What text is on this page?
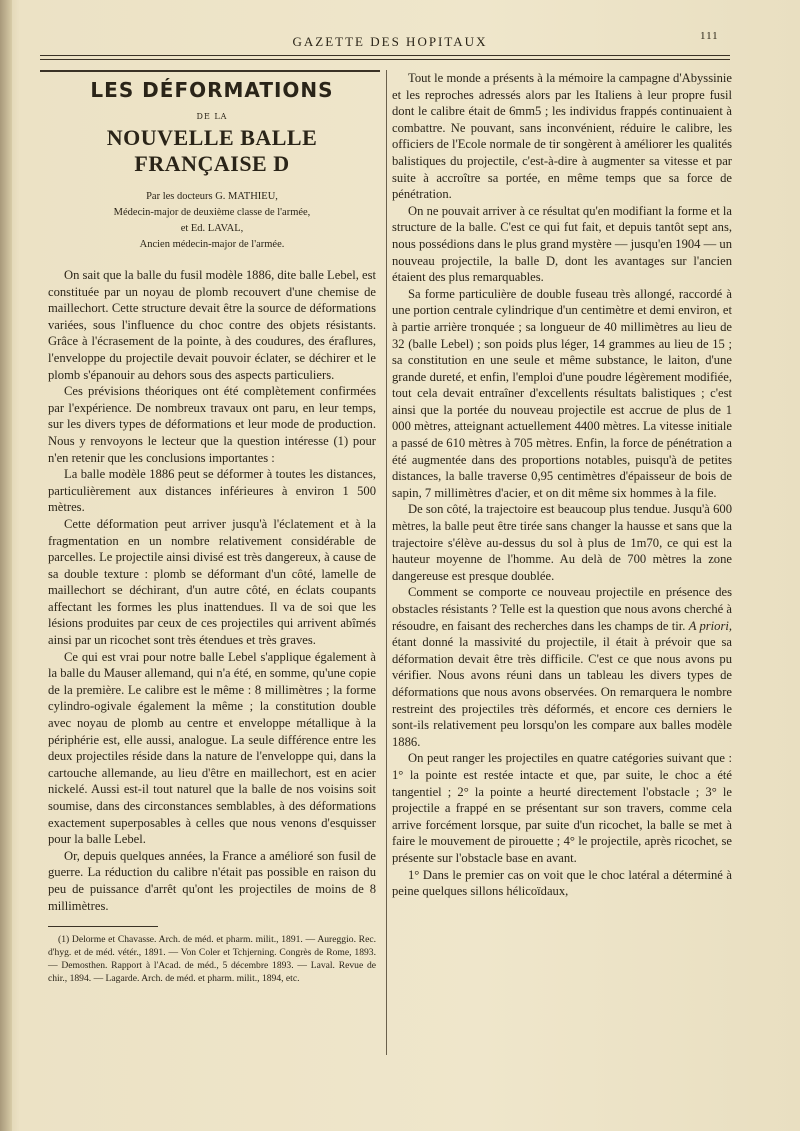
GAZETTE DES HOPITAUX	111
LES DÉFORMATIONS
DE LA
NOUVELLE BALLE FRANÇAISE D
Par les docteurs G. MATHIEU,
Médecin-major de deuxième classe de l'armée,
et Ed. LAVAL,
Ancien médecin-major de l'armée.

On sait que la balle du fusil modèle 1886, dite balle Lebel, est constituée par un noyau de plomb recouvert d'une chemise de maillechort. Cette structure devait être la source de déformations variées, sous l'influence du choc contre des objets résistants. Grâce à l'écrasement de la pointe, à des coudures, des éraflures, l'enveloppe du projectile devait pouvoir éclater, se déchirer et le plomb s'épanouir au dehors sous des aspects particuliers.

Ces prévisions théoriques ont été complètement confirmées par l'expérience. De nombreux travaux ont paru, en leur temps, sur les divers types de déformations et leur mode de production. Nous y renvoyons le lecteur que la question intéresse (1) pour n'en retenir que les conclusions importantes :

La balle modèle 1886 peut se déformer à toutes les distances, particulièrement aux distances inférieures à environ 1 500 mètres.

Cette déformation peut arriver jusqu'à l'éclatement et à la fragmentation en un nombre relativement considérable de parcelles. Le projectile ainsi divisé est très dangereux, à cause de sa double texture : plomb se déformant d'un côté, lamelle de maillechort se déchirant, d'un autre côté, en éclats coupants affectant les formes les plus inattendues. Il va de soi que les lésions produites par ceux de ces projectiles qui arrivent abîmés ainsi par un ricochet sont très étendues et très graves.

Ce qui est vrai pour notre balle Lebel s'applique également à la balle du Mauser allemand, qui n'a été, en somme, qu'une copie de la première. Le calibre est le même : 8 millimètres ; la forme cylindro-ogivale également la même ; la constitution double avec noyau de plomb au centre et enveloppe métallique à la périphérie est, elle aussi, analogue. La seule différence entre les deux projectiles réside dans la nature de l'enveloppe qui, dans la cartouche allemande, au lieu d'être en maillechort, est en acier nickelé. Aussi est-il tout naturel que la balle de nos voisins soit soumise, dans des circonstances semblables, à des déformations exactement superposables à celles que nous venons d'esquisser pour la balle Lebel.

Or, depuis quelques années, la France a amélioré son fusil de guerre. La réduction du calibre n'était pas possible en raison du peu de puissance d'arrêt qu'ont les projectiles de moins de 8 millimètres.

(1) Delorme et Chavasse. Arch. de méd. et pharm. milit., 1891. — Aureggio. Rec. d'hyg. et de méd. vétér., 1891. — Von Coler et Tchjerning. Congrès de Rome, 1893. — Demosthen. Rapport à l'Acad. de méd., 5 décembre 1893. — Laval. Revue de chir., 1894. — Lagarde. Arch. de méd. et pharm. milit., 1894, etc.

Tout le monde a présents à la mémoire la campagne d'Abyssinie et les reproches adressés alors par les Italiens à leur propre fusil dont le calibre était de 6mm5 ; les individus frappés continuaient à combattre. Ne pouvant, sans inconvénient, réduire le calibre, les officiers de l'Ecole normale de tir songèrent à améliorer les qualités balistiques du projectile, c'est-à-dire à augmenter sa vitesse et par suite à accroître sa portée, en même temps que sa force de pénétration.

On ne pouvait arriver à ce résultat qu'en modifiant la forme et la structure de la balle. C'est ce qui fut fait, et depuis tantôt sept ans, nous possédions dans le plus grand mystère — jusqu'en 1904 — un nouveau projectile, la balle D, dont les avantages sur l'ancien étaient des plus remarquables.

Sa forme particulière de double fuseau très allongé, raccordé à une portion centrale cylindrique d'un centimètre et demi environ, et à partie arrière tronquée ; sa longueur de 40 millimètres au lieu de 32 (balle Lebel) ; son poids plus léger, 14 grammes au lieu de 15 ; sa constitution en une seule et même substance, le laiton, d'une grande dureté, et enfin, l'emploi d'une poudre légèrement modifiée, tout cela devait entraîner d'excellents résultats balistiques ; c'est ainsi que la portée du nouveau projectile est accrue de plus de 1 000 mètres, atteignant actuellement 4400 mètres. La vitesse initiale a passé de 610 mètres à 705 mètres. Enfin, la force de pénétration a été augmentée dans des proportions notables, puisqu'à de petites distances, la balle traverse 0,95 centimètres d'épaisseur de bois de sapin, 7 millimètres d'acier, et on dit même six hommes à la file.

De son côté, la trajectoire est beaucoup plus tendue. Jusqu'à 600 mètres, la balle peut être tirée sans changer la hausse et sans que la trajectoire s'élève au-dessus du sol à plus de 1m70, ce qui est la hauteur moyenne de l'homme. Au delà de 700 mètres la zone dangereuse est presque doublée.

Comment se comporte ce nouveau projectile en présence des obstacles résistants ? Telle est la question que nous avons cherché à résoudre, en faisant des recherches dans les champs de tir. A priori, étant donné la massivité du projectile, il était à prévoir que sa déformation devait être très difficile. C'est ce que nous avons pu vérifier. Nous avons réuni dans un tableau les divers types de déformations que nous avons observées. On remarquera le nombre restreint des projectiles très déformés, et encore ces derniers le sont-ils relativement peu lorsqu'on les compare aux balles modèle 1886.

On peut ranger les projectiles en quatre catégories suivant que : 1° la pointe est restée intacte et que, par suite, le choc a été tangentiel ; 2° la pointe a heurté directement l'obstacle ; 3° le projectile a frappé en se présentant sur son travers, comme cela arrive forcément lorsque, par suite d'un ricochet, la balle se met à faire le mouvement de pirouette ; 4° le projectile, après ricochet, se présente sur l'obstacle base en avant.

1° Dans le premier cas on voit que le choc latéral a déterminé à peine quelques sillons hélicoïdaux,
